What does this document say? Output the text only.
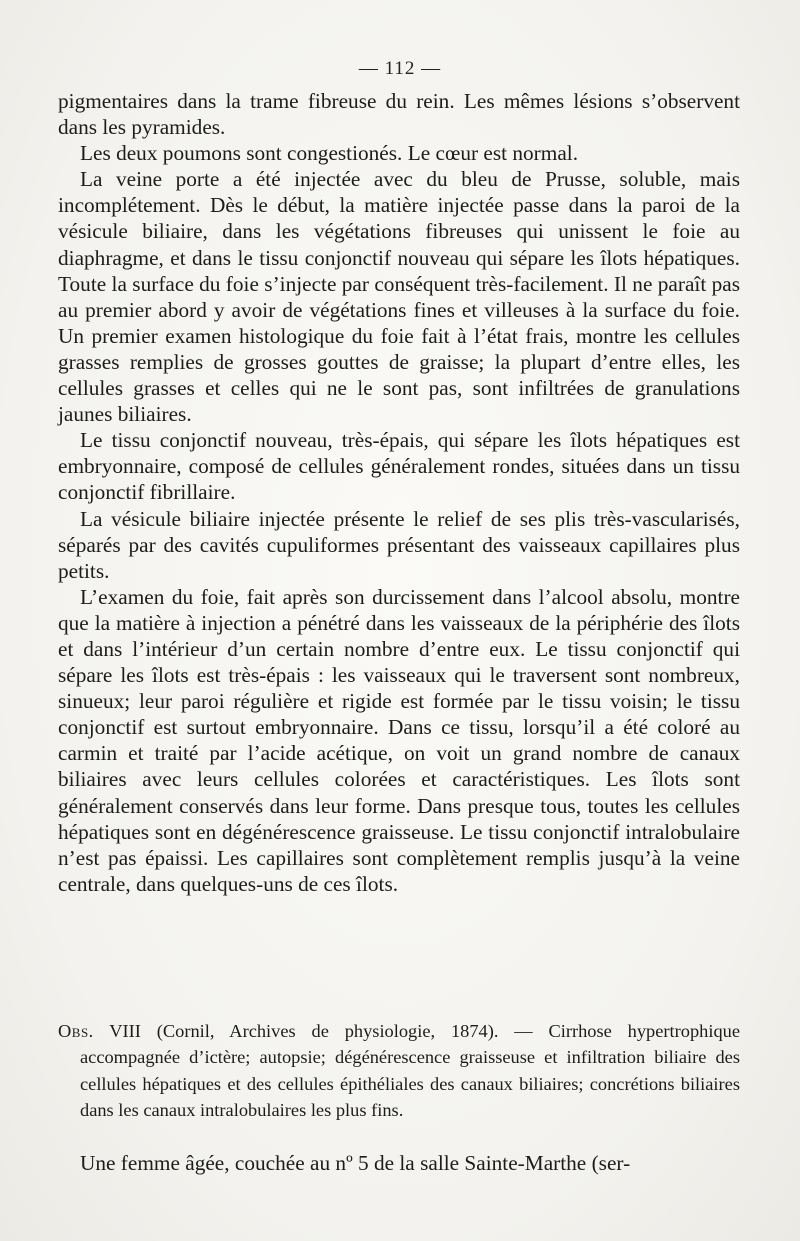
— 112 —

pigmentaires dans la trame fibreuse du rein. Les mêmes lésions s’observent dans les pyramides.

Les deux poumons sont congestionés. Le cœur est normal.

La veine porte a été injectée avec du bleu de Prusse, soluble, mais incomplétement. Dès le début, la matière injectée passe dans la paroi de la vésicule biliaire, dans les végétations fibreuses qui unissent le foie au diaphragme, et dans le tissu conjonctif nouveau qui sépare les îlots hépatiques. Toute la surface du foie s’injecte par conséquent très-facilement. Il ne paraît pas au premier abord y avoir de végétations fines et villeuses à la surface du foie. Un premier examen histologique du foie fait à l’état frais, montre les cellules grasses remplies de grosses gouttes de graisse; la plupart d’entre elles, les cellules grasses et celles qui ne le sont pas, sont infiltrées de granulations jaunes biliaires.

Le tissu conjonctif nouveau, très-épais, qui sépare les îlots hépatiques est embryonnaire, composé de cellules généralement rondes, situées dans un tissu conjonctif fibrillaire.

La vésicule biliaire injectée présente le relief de ses plis très-vascularisés, séparés par des cavités cupuliformes présentant des vaisseaux capillaires plus petits.

L’examen du foie, fait après son durcissement dans l’alcool absolu, montre que la matière à injection a pénétré dans les vaisseaux de la périphérie des îlots et dans l’intérieur d’un certain nombre d’entre eux. Le tissu conjonctif qui sépare les îlots est très-épais : les vaisseaux qui le traversent sont nombreux, sinueux; leur paroi régulière et rigide est formée par le tissu voisin; le tissu conjonctif est surtout embryonnaire. Dans ce tissu, lorsqu’il a été coloré au carmin et traité par l’acide acétique, on voit un grand nombre de canaux biliaires avec leurs cellules colorées et caractéristiques. Les îlots sont généralement conservés dans leur forme. Dans presque tous, toutes les cellules hépatiques sont en dégénérescence graisseuse. Le tissu conjonctif intralobulaire n’est pas épaissi. Les capillaires sont complètement remplis jusqu’à la veine centrale, dans quelques-uns de ces îlots.

Obs. VIII (Cornil, Archives de physiologie, 1874). — Cirrhose hypertrophique accompagnée d’ictère; autopsie; dégénérescence graisseuse et infiltration biliaire des cellules hépatiques et des cellules épithéliales des canaux biliaires; concrétions biliaires dans les canaux intralobulaires les plus fins.

Une femme âgée, couchée au nº 5 de la salle Sainte-Marthe (ser-
